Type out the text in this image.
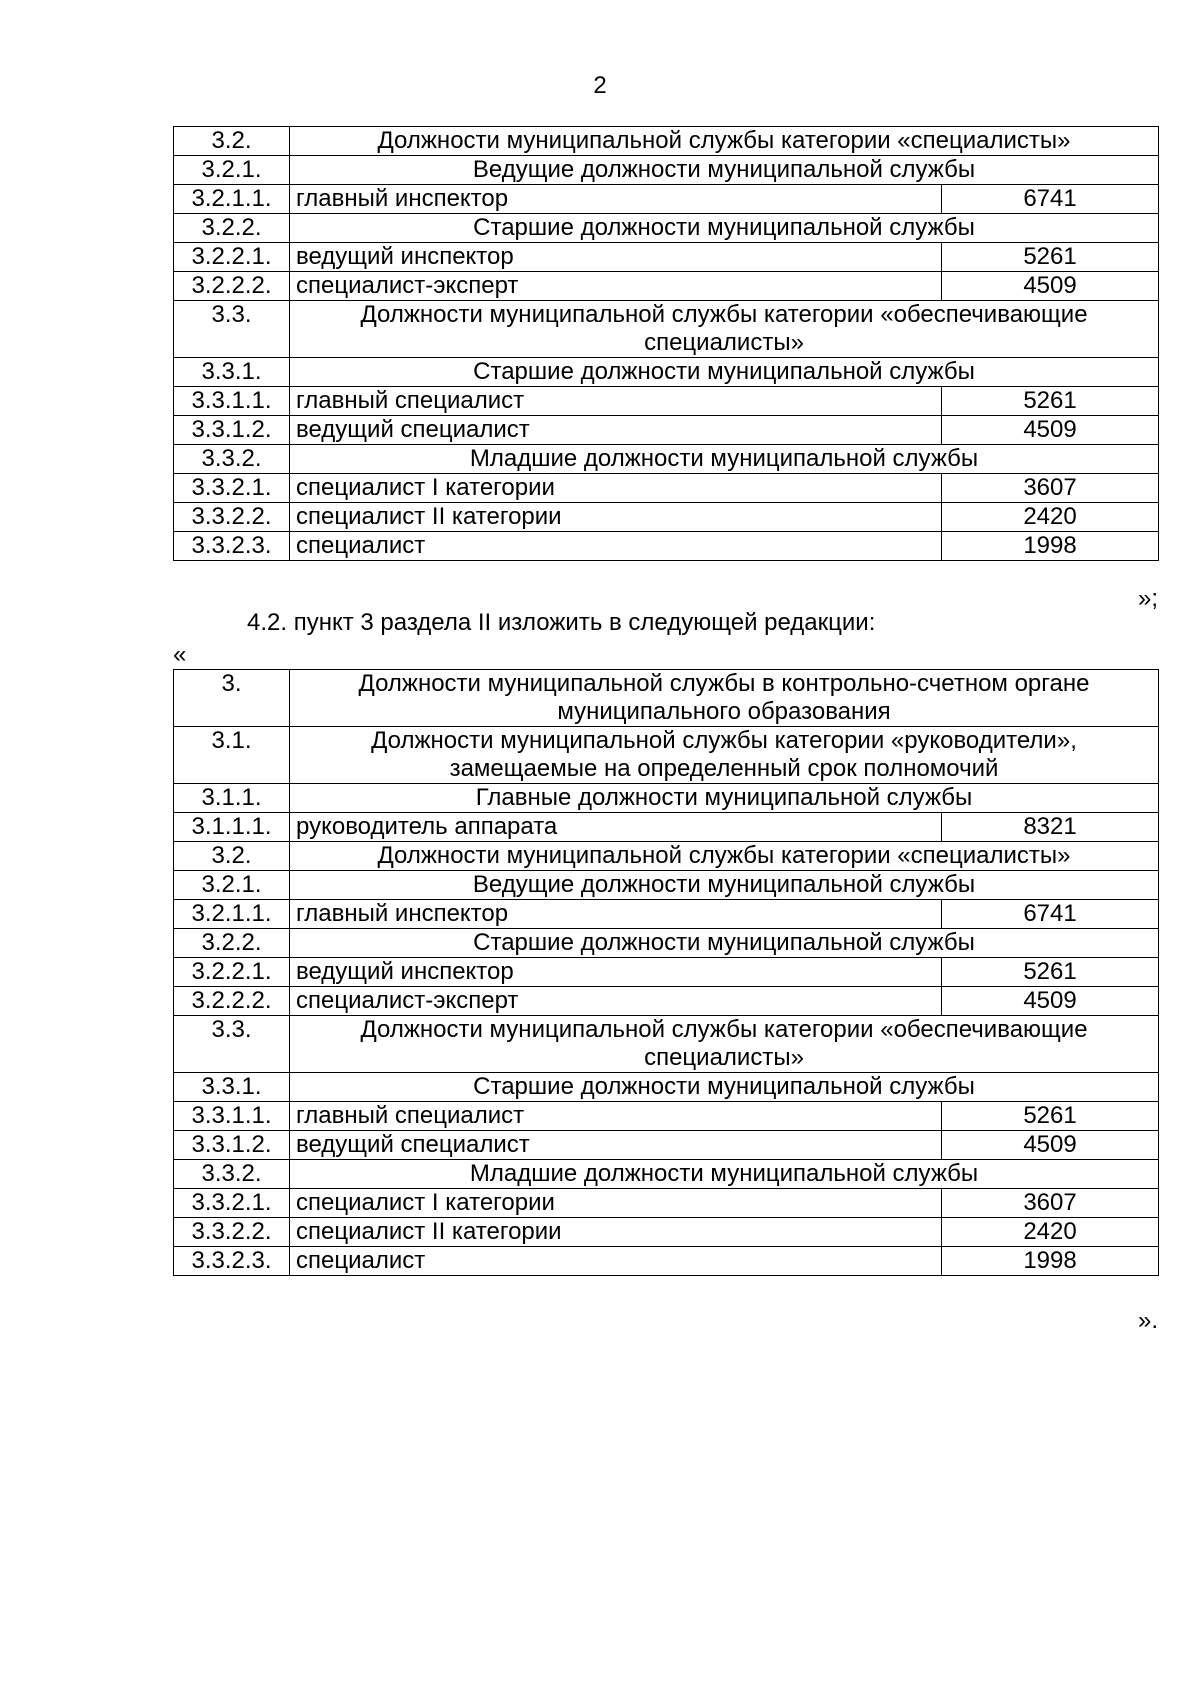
2
3.2.	Должности муниципальной службы категории «специалисты»	
3.2.1.	Ведущие должности муниципальной службы	
3.2.1.1.	главный инспектор	6741
3.2.2.	Старшие должности муниципальной службы	
3.2.2.1.	ведущий инспектор	5261
3.2.2.2.	специалист-эксперт	4509
3.3.	Должности муниципальной службы категории «обеспечивающие специалисты»	
3.3.1.	Старшие должности муниципальной службы	
3.3.1.1.	главный специалист	5261
3.3.1.2.	ведущий специалист	4509
3.3.2.	Младшие должности муниципальной службы	
3.3.2.1.	специалист I категории	3607
3.3.2.2.	специалист II категории	2420
3.3.2.3.	специалист	1998
»;
4.2. пункт 3 раздела II изложить в следующей редакции:
«
3.	Должности муниципальной службы в контрольно-счетном органе муниципального образования	
3.1.	Должности муниципальной службы категории «руководители», замещаемые на определенный срок полномочий	
3.1.1.	Главные должности муниципальной службы	
3.1.1.1.	руководитель аппарата	8321
3.2.	Должности муниципальной службы категории «специалисты»	
3.2.1.	Ведущие должности муниципальной службы	
3.2.1.1.	главный инспектор	6741
3.2.2.	Старшие должности муниципальной службы	
3.2.2.1.	ведущий инспектор	5261
3.2.2.2.	специалист-эксперт	4509
3.3.	Должности муниципальной службы категории «обеспечивающие специалисты»	
3.3.1.	Старшие должности муниципальной службы	
3.3.1.1.	главный специалист	5261
3.3.1.2.	ведущий специалист	4509
3.3.2.	Младшие должности муниципальной службы	
3.3.2.1.	специалист I категории	3607
3.3.2.2.	специалист II категории	2420
3.3.2.3.	специалист	1998
».
